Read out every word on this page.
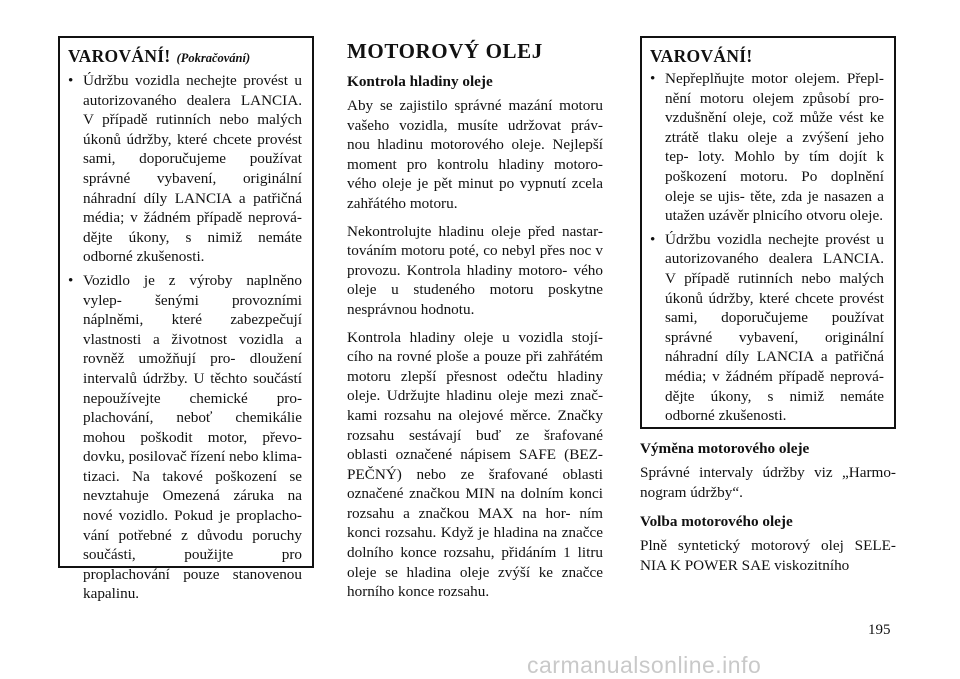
VAROVÁNÍ! (Pokračování)
• Údržbu vozidla nechejte provést u autorizovaného dealera LANCIA. V případě rutinních nebo malých úkonů údržby, které chcete provést sami, doporučujeme používat správné vybavení, originální náhradní díly LANCIA a patřičná média; v žádném případě neprová- dějte úkony, s nimiž nemáte odborné zkušenosti.
• Vozidlo je z výroby naplněno vylep- šenými provozními náplněmi, které zabezpečují vlastnosti a životnost vozidla a rovněž umožňují pro- dloužení intervalů údržby. U těchto součástí nepoužívejte chemické pro- plachování, neboť chemikálie mohou poškodit motor, převo- dovku, posilovač řízení nebo klima- tizaci. Na takové poškození se nevztahuje Omezená záruka na nové vozidlo. Pokud je proplacho- vání potřebné z důvodu poruchy součásti, použijte pro proplachování pouze stanovenou kapalinu.
MOTOROVÝ OLEJ
Kontrola hladiny oleje

Aby se zajistilo správné mazání motoru vašeho vozidla, musíte udržovat práv- nou hladinu motorového oleje. Nejlepší moment pro kontrolu hladiny motoro- vého oleje je pět minut po vypnutí zcela zahřátého motoru.

Nekontrolujte hladinu oleje před nastar- továním motoru poté, co nebyl přes noc v provozu. Kontrola hladiny motoro- vého oleje u studeného motoru poskytne nesprávnou hodnotu.

Kontrola hladiny oleje u vozidla stojí- cího na rovné ploše a pouze při zahřátém motoru zlepší přesnost odečtu hladiny oleje. Udržujte hladinu oleje mezi znač- kami rozsahu na olejové měrce. Značky rozsahu sestávají buď ze šrafované oblasti označené nápisem SAFE (BEZ- PEČNÝ) nebo ze šrafované oblasti označené značkou MIN na dolním konci rozsahu a značkou MAX na hor- ním konci rozsahu. Když je hladina na značce dolního konce rozsahu, přidáním 1 litru oleje se hladina oleje zvýší ke značce horního konce rozsahu.

VAROVÁNÍ!
• Nepřeplňujte motor olejem. Přepl- nění motoru olejem způsobí pro- vzdušnění oleje, což může vést ke ztrátě tlaku oleje a zvýšení jeho tep- loty. Mohlo by tím dojít k poškození motoru. Po doplnění oleje se ujis- těte, zda je nasazen a utažen uzávěr plnicího otvoru oleje.
• Údržbu vozidla nechejte provést u autorizovaného dealera LANCIA. V případě rutinních nebo malých úkonů údržby, které chcete provést sami, doporučujeme používat správné vybavení, originální náhradní díly LANCIA a patřičná média; v žádném případě neprová- dějte úkony, s nimiž nemáte odborné zkušenosti.
Výměna motorového oleje

Správné intervaly údržby viz „Harmo- nogram údržby“.

Volba motorového oleje

Plně syntetický motorový olej SELE- NIA K POWER SAE viskozitního

195
carmanualsonline.info
